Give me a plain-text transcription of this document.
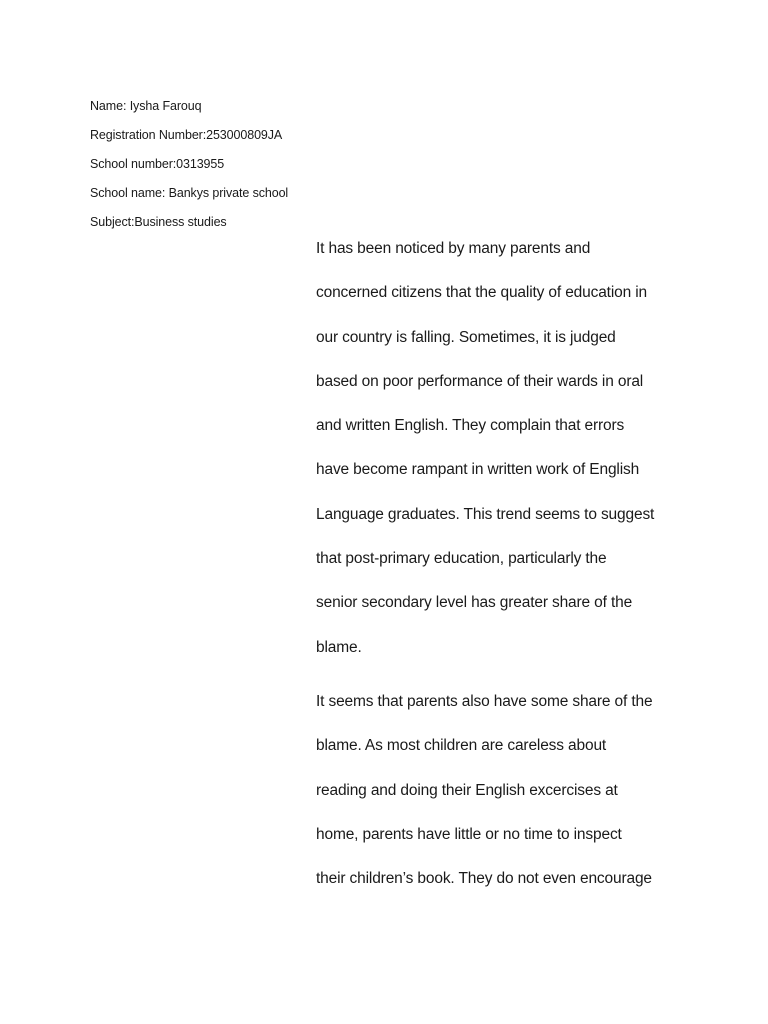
Name: Iysha Farouq
Registration Number:253000809JA
School number:0313955
School name: Bankys private school
Subject:Business studies
It has been noticed by many parents and
concerned citizens that the quality of education in
our country is falling. Sometimes, it is judged
based on poor performance of their wards in oral
and written English. They complain that errors
have become rampant in written work of English
Language graduates. This trend seems to suggest
that post-primary education, particularly the
senior secondary level has greater share of the
blame.
It seems that parents also have some share of the
blame. As most children are careless about
reading and doing their English excercises at
home, parents have little or no time to inspect
their children’s book. They do not even encourage
